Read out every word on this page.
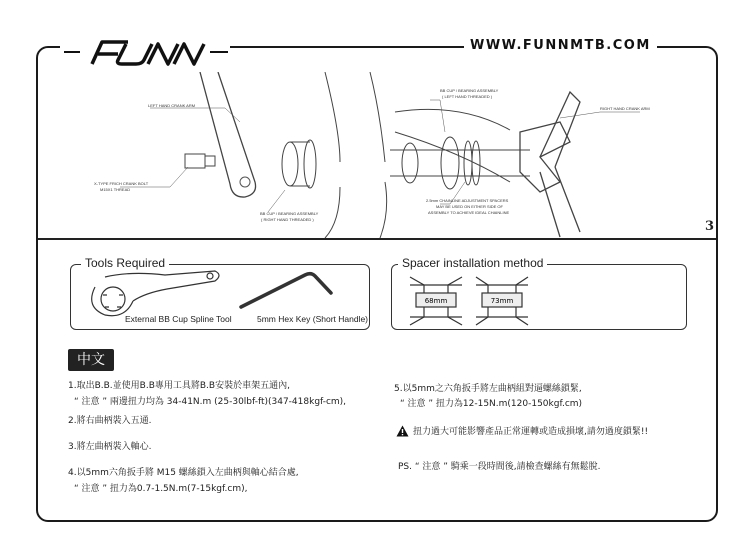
WWW.FUNNMTB.COM
LEFT HAND CRANK ARM
BB CUP / BEARING ASSEMBLY
( LEFT HAND THREADED )
RIGHT HAND CRANK ARM
X-TYPE FRICH CRANK BOLT
M15X1 THREAD
BB CUP / BEARING ASSEMBLY
( RIGHT HAND THREADED )
2.5mm CHAINLINE ADJUSTMENT SPACERS
MAY BE USED ON EITHER SIDE OF
ASSEMBLY TO ACHIEVE IDEAL CHAINLINE
3
Tools Required
External BB Cup Spline Tool	5mm Hex Key (Short Handle)
Spacer installation method
68mm	73mm
中文
1.取出B.B.並使用B.B專用工具將B.B安裝於車架五通內,
“ 注意 ” 兩邊扭力均為 34-41N.m (25-30lbf-ft)(347-418kgf-cm),
2.將右曲柄裝入五通.
3.將左曲柄裝入軸心.
4.以5mm六角扳手將 M15 螺絲鎖入左曲柄與軸心結合處,
“ 注意 ” 扭力為0.7-1.5N.m(7-15kgf.cm),
5.以5mm之六角扳手將左曲柄組對逼螺絲鎖緊,
“ 注意 ” 扭力為12-15N.m(120-150kgf.cm)
扭力過大可能影響產品正常運轉或造成損壞,請勿過度鎖緊!!
PS. “ 注意 ” 騎乘一段時間後,請檢查螺絲有無鬆脫.
